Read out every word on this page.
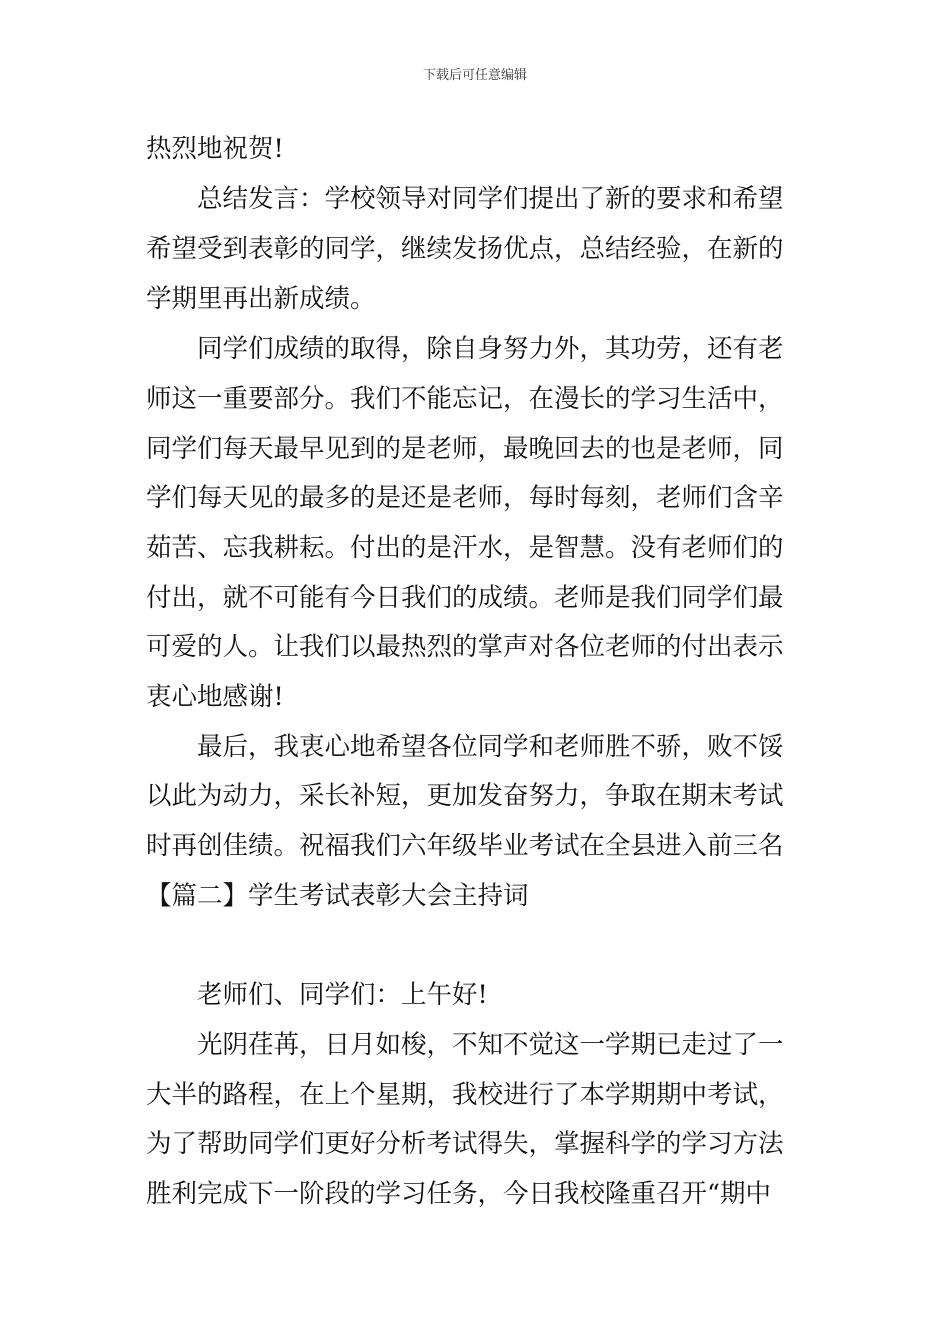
下载后可任意编辑
热烈地祝贺!
总结发言：学校领导对同学们提出了新的要求和希望
希望受到表彰的同学，继续发扬优点，总结经验，在新的
学期里再出新成绩。
同学们成绩的取得，除自身努力外，其功劳，还有老
师这一重要部分。我们不能忘记，在漫长的学习生活中，
同学们每天最早见到的是老师，最晚回去的也是老师，同
学们每天见的最多的是还是老师，每时每刻，老师们含辛
茹苦、忘我耕耘。付出的是汗水，是智慧。没有老师们的
付出，就不可能有今日我们的成绩。老师是我们同学们最
可爱的人。让我们以最热烈的掌声对各位老师的付出表示
衷心地感谢!
最后，我衷心地希望各位同学和老师胜不骄，败不馁
以此为动力，采长补短，更加发奋努力，争取在期末考试
时再创佳绩。祝福我们六年级毕业考试在全县进入前三名
【篇二】学生考试表彰大会主持词
老师们、同学们：上午好!
光阴荏苒，日月如梭，不知不觉这一学期已走过了一
大半的路程，在上个星期，我校进行了本学期期中考试，
为了帮助同学们更好分析考试得失，掌握科学的学习方法
胜利完成下一阶段的学习任务，今日我校隆重召开“期中
